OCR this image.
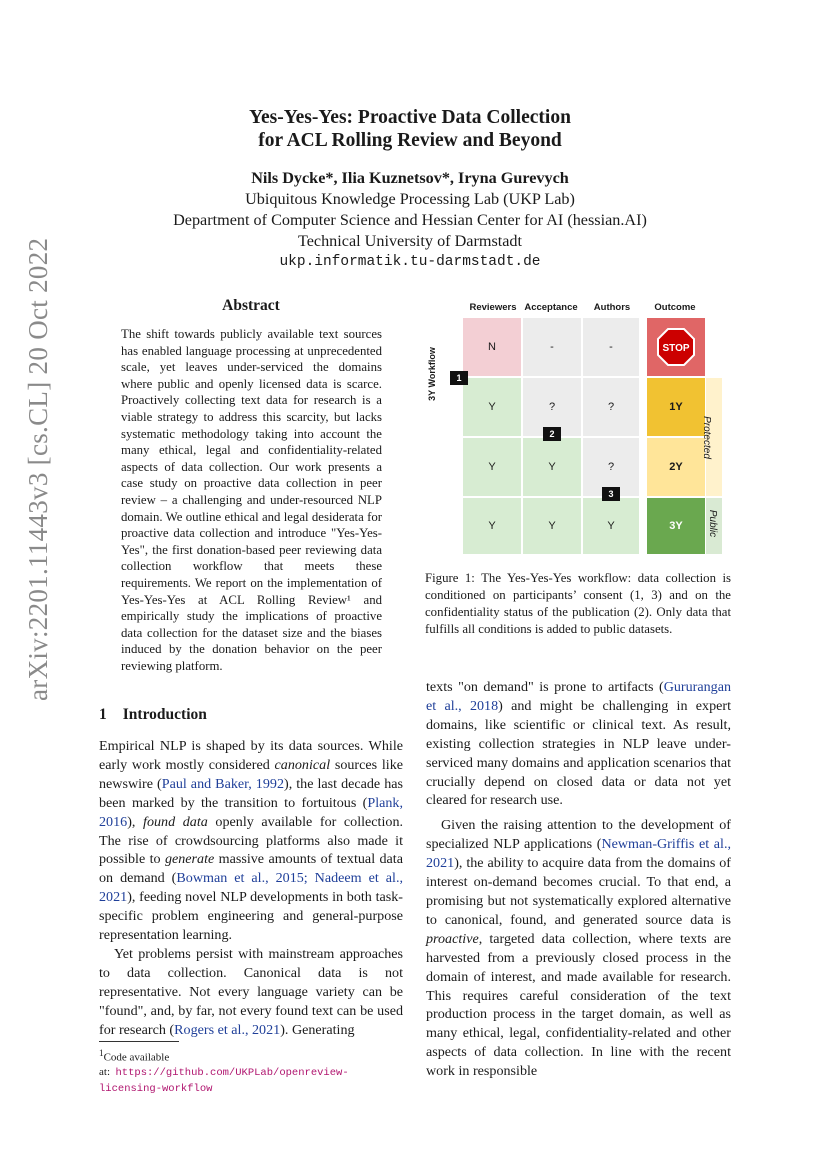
arXiv:2201.11443v3 [cs.CL] 20 Oct 2022
Yes-Yes-Yes: Proactive Data Collection
for ACL Rolling Review and Beyond
Nils Dycke*, Ilia Kuznetsov*, Iryna Gurevych
Ubiquitous Knowledge Processing Lab (UKP Lab)
Department of Computer Science and Hessian Center for AI (hessian.AI)
Technical University of Darmstadt
ukp.informatik.tu-darmstadt.de
Abstract

The shift towards publicly available text sources has enabled language processing at unprecedented scale, yet leaves under-serviced the domains where public and openly licensed data is scarce. Proactively collecting text data for research is a viable strategy to address this scarcity, but lacks systematic methodology taking into account the many ethical, legal and confidentiality-related aspects of data collection. Our work presents a case study on proactive data collection in peer review – a challenging and under-resourced NLP domain. We outline ethical and legal desiderata for proactive data collection and introduce "Yes-Yes-Yes", the first donation-based peer reviewing data collection workflow that meets these requirements. We report on the implementation of Yes-Yes-Yes at ACL Rolling Review¹ and empirically study the implications of proactive data collection for the dataset size and the biases induced by the donation behavior on the peer reviewing platform.

1 Introduction

Empirical NLP is shaped by its data sources. While early work mostly considered canonical sources like newswire (Paul and Baker, 1992), the last decade has been marked by the transition to fortuitous (Plank, 2016), found data openly available for collection. The rise of crowdsourcing platforms also made it possible to generate massive amounts of textual data on demand (Bowman et al., 2015; Nadeem et al., 2021), feeding novel NLP developments in both task-specific problem engineering and general-purpose representation learning.

Yet problems persist with mainstream approaches to data collection. Canonical data is not representative. Not every language variety can be "found", and, by far, not every found text can be used for research (Rogers et al., 2021). Generating

$^1$Code available at: https://github.com/UKPLab/openreview-licensing-workflow
Reviewers Acceptance	Authors	Outcome
3Y Workflow
N	-	-	STOP
Y	?	?	1Y
Y	Y	?	2Y
Y	Y	Y	3Y
Protected
Public
1
2
3
Figure 1: The Yes-Yes-Yes workflow: data collection is conditioned on participants’ consent (1, 3) and on the confidentiality status of the publication (2). Only data that fulfills all conditions is added to public datasets.

texts "on demand" is prone to artifacts (Gururangan et al., 2018) and might be challenging in expert domains, like scientific or clinical text. As result, existing collection strategies in NLP leave under-serviced many domains and application scenarios that crucially depend on closed data or data not yet cleared for research use.

Given the raising attention to the development of specialized NLP applications (Newman-Griffis et al., 2021), the ability to acquire data from the domains of interest on-demand becomes crucial. To that end, a promising but not systematically explored alternative to canonical, found, and generated source data is proactive, targeted data collection, where texts are harvested from a previously closed process in the domain of interest, and made available for research. This requires careful consideration of the text production process in the target domain, as well as many ethical, legal, confidentiality-related and other aspects of data collection. In line with the recent work in responsible
